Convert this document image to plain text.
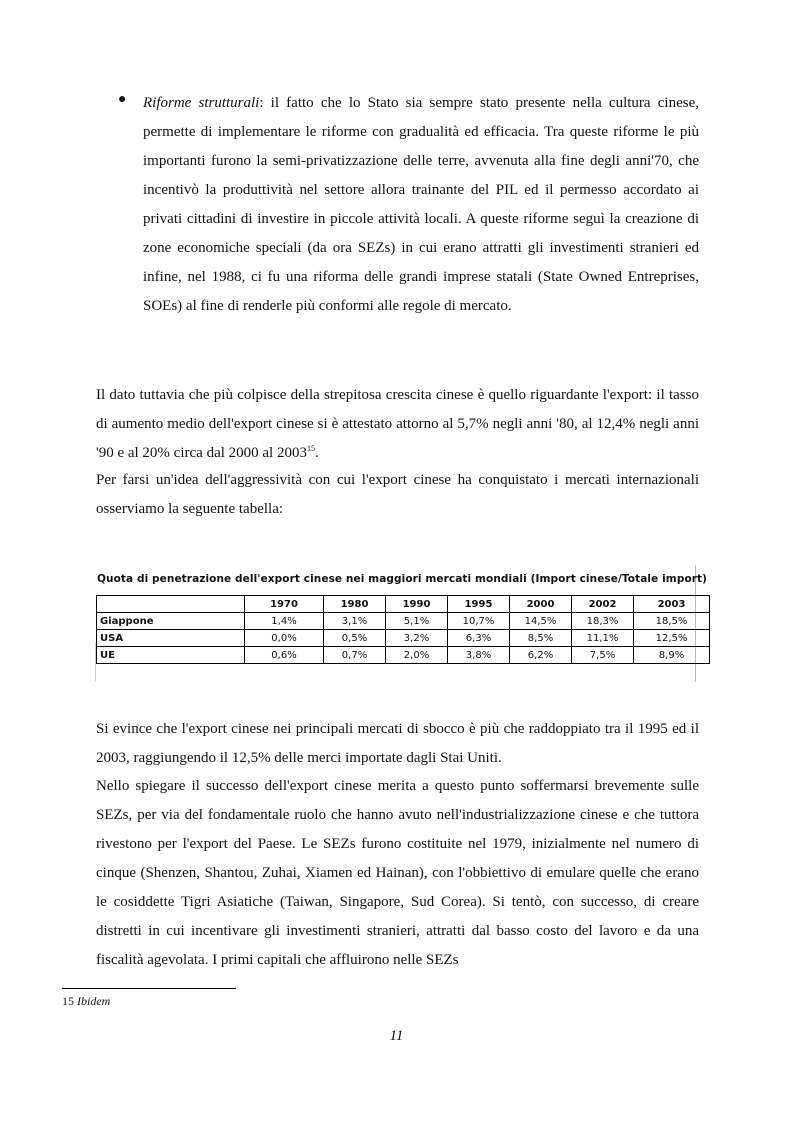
● Riforme strutturali: il fatto che lo Stato sia sempre stato presente nella cultura cinese, permette di implementare le riforme con gradualità ed efficacia. Tra queste riforme le più importanti furono la semi-privatizzazione delle terre, avvenuta alla fine degli anni'70, che incentivò la produttività nel settore allora trainante del PIL ed il permesso accordato ai privati cittadini di investire in piccole attività locali. A queste riforme seguì la creazione di zone economiche speciali (da ora SEZs) in cui erano attratti gli investimenti stranieri ed infine, nel 1988, ci fu una riforma delle grandi imprese statali (State Owned Entreprises, SOEs) al fine di renderle più conformi alle regole di mercato.

Il dato tuttavia che più colpisce della strepitosa crescita cinese è quello riguardante l'export: il tasso di aumento medio dell'export cinese si è attestato attorno al 5,7% negli anni '80, al 12,4% negli anni '90 e al 20% circa dal 2000 al 2003$^{15}$.

Per farsi un'idea dell'aggressività con cui l'export cinese ha conquistato i mercati internazionali osserviamo la seguente tabella:

Quota di penetrazione dell'export cinese nei maggiori mercati mondiali (Import cinese/Totale import)
	1970	1980	1990	1995	2000	2002	2003
Giappone	1,4%	3,1%	5,1%	10,7%	14,5%	18,3%	18,5%
USA	0,0%	0,5%	3,2%	6,3%	8,5%	11,1%	12,5%
UE	0,6%	0,7%	2,0%	3,8%	6,2%	7,5%	8,9%

Si evince che l'export cinese nei principali mercati di sbocco è più che raddoppiato tra il 1995 ed il 2003, raggiungendo il 12,5% delle merci importate dagli Stai Uniti.

Nello spiegare il successo dell'export cinese merita a questo punto soffermarsi brevemente sulle SEZs, per via del fondamentale ruolo che hanno avuto nell'industrializzazione cinese e che tuttora rivestono per l'export del Paese. Le SEZs furono costituite nel 1979, inizialmente nel numero di cinque (Shenzen, Shantou, Zuhai, Xiamen ed Hainan), con l'obbiettivo di emulare quelle che erano le cosiddette Tigri Asiatiche (Taiwan, Singapore, Sud Corea). Si tentò, con successo, di creare distretti in cui incentivare gli investimenti stranieri, attratti dal basso costo del lavoro e da una fiscalità agevolata. I primi capitali che affluirono nelle SEZs

15 Ibidem
11
